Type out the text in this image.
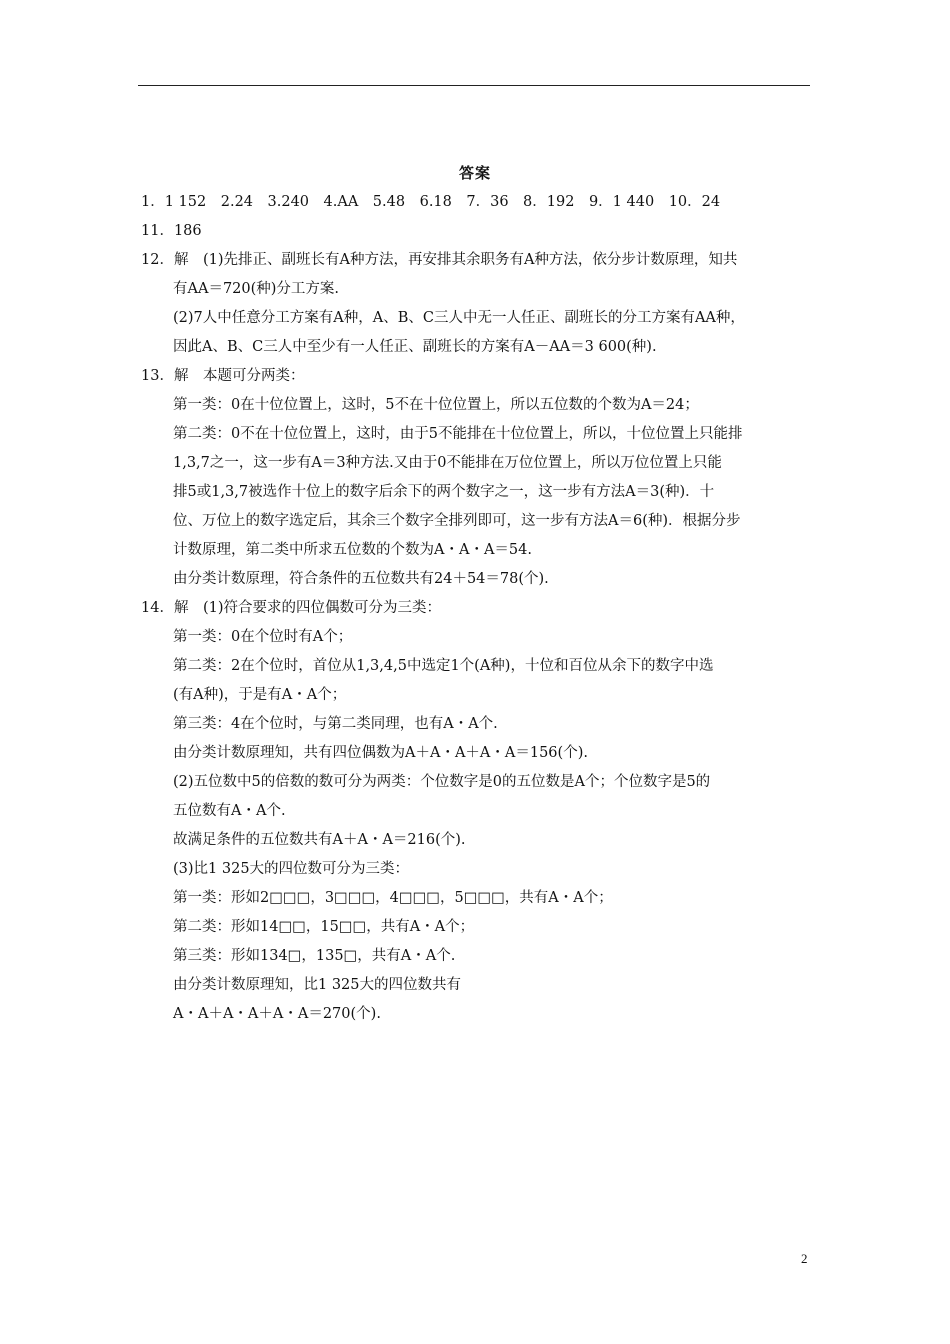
答案
1．1 152　2.24　3.240　4.AA　5.48　6.18　7．36　8．192　9．1 440　10．24
11．186
12．解　(1)先排正、副班长有A种方法，再安排其余职务有A种方法，依分步计数原理，知共
有AA＝720(种)分工方案.
(2)7人中任意分工方案有A种，A、B、C三人中无一人任正、副班长的分工方案有AA种，
因此A、B、C三人中至少有一人任正、副班长的方案有A－AA＝3 600(种).
13．解　本题可分两类：
第一类：0在十位位置上，这时，5不在十位位置上，所以五位数的个数为A＝24；
第二类：0不在十位位置上，这时，由于5不能排在十位位置上，所以，十位位置上只能排
1,3,7之一，这一步有A＝3种方法.又由于0不能排在万位位置上，所以万位位置上只能
排5或1,3,7被选作十位上的数字后余下的两个数字之一，这一步有方法A＝3(种)．十
位、万位上的数字选定后，其余三个数字全排列即可，这一步有方法A＝6(种)．根据分步
计数原理，第二类中所求五位数的个数为A・A・A＝54.
由分类计数原理，符合条件的五位数共有24＋54＝78(个).
14．解　(1)符合要求的四位偶数可分为三类：
第一类：0在个位时有A个；
第二类：2在个位时，首位从1,3,4,5中选定1个(A种)，十位和百位从余下的数字中选
(有A种)，于是有A・A个；
第三类：4在个位时，与第二类同理，也有A・A个.
由分类计数原理知，共有四位偶数为A＋A・A＋A・A＝156(个).
(2)五位数中5的倍数的数可分为两类：个位数字是0的五位数是A个；个位数字是5的
五位数有A・A个.
故满足条件的五位数共有A＋A・A＝216(个).
(3)比1 325大的四位数可分为三类：
第一类：形如2□□□，3□□□，4□□□，5□□□，共有A・A个；
第二类：形如14□□，15□□，共有A・A个；
第三类：形如134□，135□，共有A・A个.
由分类计数原理知，比1 325大的四位数共有
A・A＋A・A＋A・A＝270(个).
2
